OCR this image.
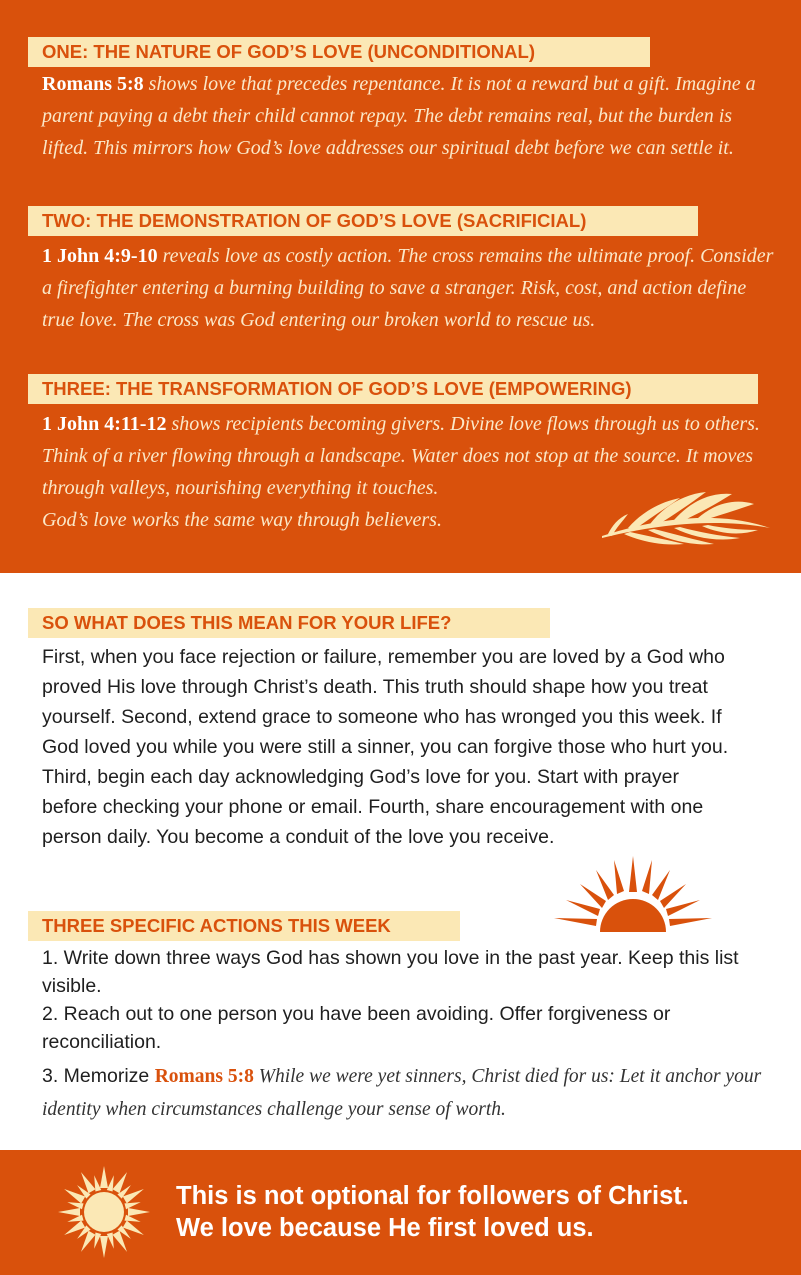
ONE: THE NATURE OF GOD’S LOVE (UNCONDITIONAL)

Romans 5:8 shows love that precedes repentance. It is not a reward but a gift. Imagine a parent paying a debt their child cannot repay. The debt remains real, but the burden is lifted. This mirrors how God’s love addresses our spiritual debt before we can settle it.

TWO: THE DEMONSTRATION OF GOD’S LOVE (SACRIFICIAL)

1 John 4:9-10 reveals love as costly action. The cross remains the ultimate proof. Consider a firefighter entering a burning building to save a stranger. Risk, cost, and action define true love. The cross was God entering our broken world to rescue us.

THREE: THE TRANSFORMATION OF GOD’S LOVE (EMPOWERING)

1 John 4:11-12 shows recipients becoming givers. Divine love flows through us to others. Think of a river flowing through a landscape. Water does not stop at the source. It moves through valleys, nourishing everything it touches.
God’s love works the same way through believers.

SO WHAT DOES THIS MEAN FOR YOUR LIFE?

First, when you face rejection or failure, remember you are loved by a God who proved His love through Christ’s death. This truth should shape how you treat yourself. Second, extend grace to someone who has wronged you this week. If God loved you while you were still a sinner, you can forgive those who hurt you. Third, begin each day acknowledging God’s love for you. Start with prayer before checking your phone or email. Fourth, share encouragement with one person daily. You become a conduit of the love you receive.

THREE SPECIFIC ACTIONS THIS WEEK

1. Write down three ways God has shown you love in the past year. Keep this list visible.

2. Reach out to one person you have been avoiding. Offer forgiveness or reconciliation.

3. Memorize Romans 5:8 While we were yet sinners, Christ died for us: Let it anchor your identity when circumstances challenge your sense of worth.

This is not optional for followers of Christ.
We love because He first loved us.
